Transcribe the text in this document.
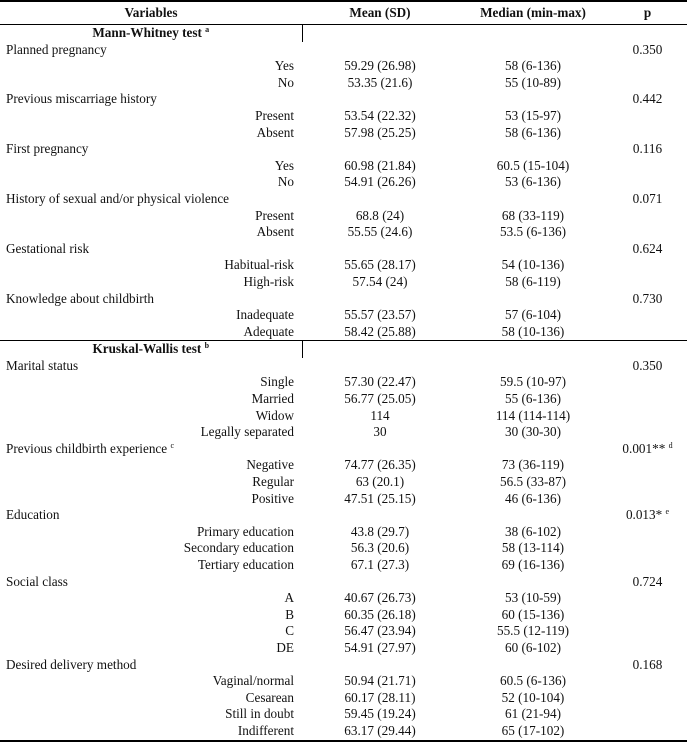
Variables	Mean (SD)	Median (min-max)	p
Mann-Whitney test $^a$			
Planned pregnancy			0.350
Yes	59.29 (26.98)	58 (6-136)	
No	53.35 (21.6)	55 (10-89)	
Previous miscarriage history			0.442
Present	53.54 (22.32)	53 (15-97)	
Absent	57.98 (25.25)	58 (6-136)	
First pregnancy			0.116
Yes	60.98 (21.84)	60.5 (15-104)	
No	54.91 (26.26)	53 (6-136)	
History of sexual and/or physical violence			0.071
Present	68.8 (24)	68 (33-119)	
Absent	55.55 (24.6)	53.5 (6-136)	
Gestational risk			0.624
Habitual-risk	55.65 (28.17)	54 (10-136)	
High-risk	57.54 (24)	58 (6-119)	
Knowledge about childbirth			0.730
Inadequate	55.57 (23.57)	57 (6-104)	
Adequate	58.42 (25.88)	58 (10-136)	
Kruskal-Wallis test $^b$			
Marital status			0.350
Single	57.30 (22.47)	59.5 (10-97)	
Married	56.77 (25.05)	55 (6-136)	
Widow	114	114 (114-114)	
Legally separated	30	30 (30-30)	
Previous childbirth experience $^c$			0.001** $^d$
Negative	74.77 (26.35)	73 (36-119)	
Regular	63 (20.1)	56.5 (33-87)	
Positive	47.51 (25.15)	46 (6-136)	
Education			0.013* $^e$
Primary education	43.8 (29.7)	38 (6-102)	
Secondary education	56.3 (20.6)	58 (13-114)	
Tertiary education	67.1 (27.3)	69 (16-136)	
Social class			0.724
A	40.67 (26.73)	53 (10-59)	
B	60.35 (26.18)	60 (15-136)	
C	56.47 (23.94)	55.5 (12-119)	
DE	54.91 (27.97)	60 (6-102)	
Desired delivery method			0.168
Vaginal/normal	50.94 (21.71)	60.5 (6-136)	
Cesarean	60.17 (28.11)	52 (10-104)	
Still in doubt	59.45 (19.24)	61 (21-94)	
Indifferent	63.17 (29.44)	65 (17-102)	
